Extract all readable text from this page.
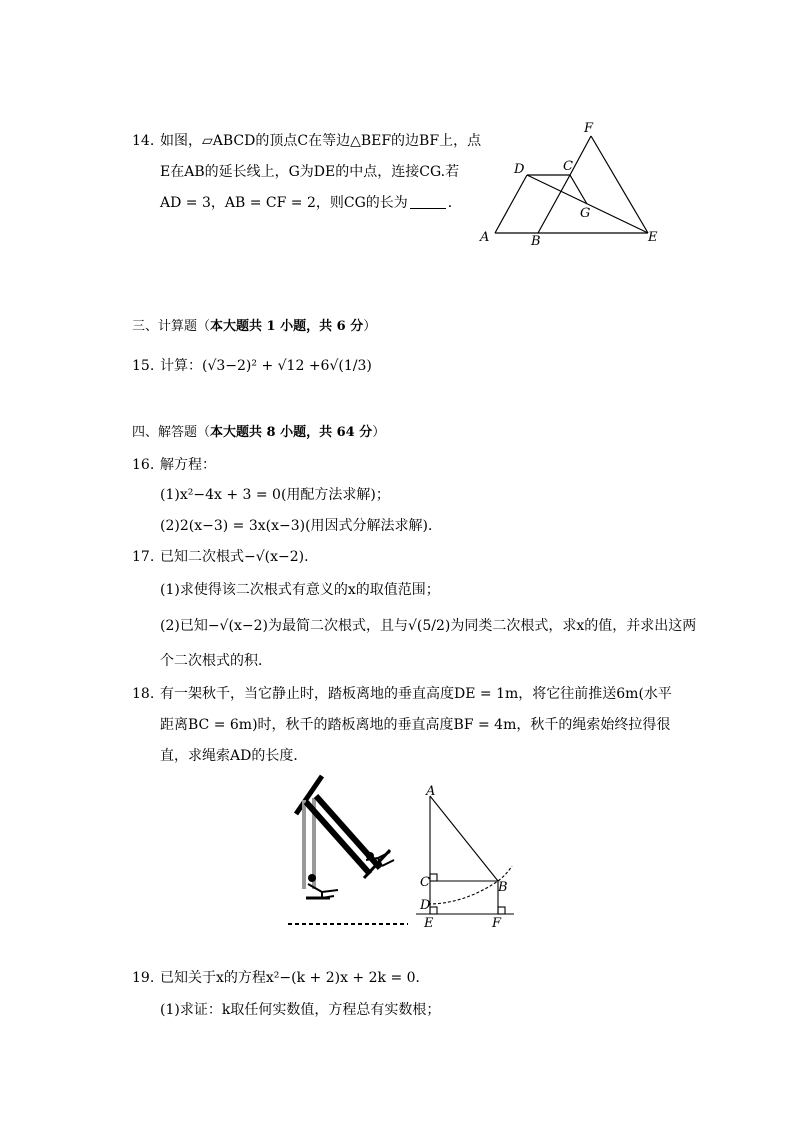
14. 如图，▱ABCD的顶点C在等边△BEF的边BF上，点
E在AB的延长线上，G为DE的中点，连接CG.若
AD = 3，AB = CF = 2，则CG的长为	．
F
D	C
G
A	B	E
三、计算题（本大题共 1 小题，共 6 分）
15. 计算：(√3−2)² + √12 +6√(1/3)
四、解答题（本大题共 8 小题，共 64 分）
16. 解方程：
(1)x²−4x + 3 = 0(用配方法求解)；
(2)2(x−3) = 3x(x−3)(用因式分解法求解)．
17. 已知二次根式−√(x−2)．
(1)求使得该二次根式有意义的x的取值范围；
(2)已知−√(x−2)为最简二次根式，且与√(5/2)为同类二次根式，求x的值，并求出这两
个二次根式的积．
18. 有一架秋千，当它静止时，踏板离地的垂直高度DE = 1m，将它往前推送6m(水平
距离BC = 6m)时，秋千的踏板离地的垂直高度BF = 4m，秋千的绳索始终拉得很
直，求绳索AD的长度．
A
C	B
D
E	F
19. 已知关于x的方程x²−(k + 2)x + 2k = 0．
(1)求证：k取任何实数值，方程总有实数根；
